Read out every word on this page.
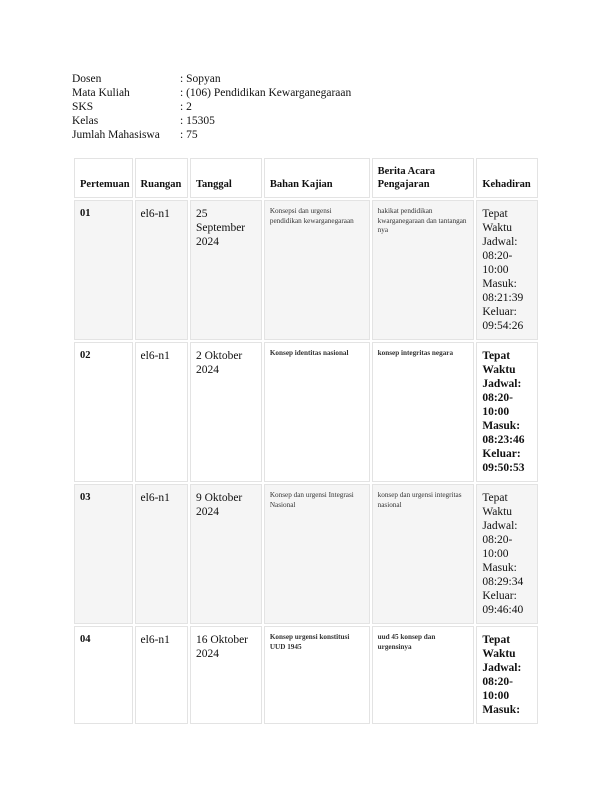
Dosen	: Sopyan
Mata Kuliah	: (106) Pendidikan Kewarganegaraan
SKS	: 2
Kelas	: 15305
Jumlah Mahasiswa	: 75
Pertemuan	Ruangan	Tanggal	Bahan Kajian	Berita Acara Pengajaran	Kehadiran
01	el6-n1	25 September 2024	Konsepsi dan urgensi pendidikan kewarganegaraan	hakikat pendidikan kwarganegaraan dan tantangan nya	Tepat Waktu
Jadwal: 08:20-10:00
Masuk: 08:21:39
Keluar: 09:54:26

02	el6-n1	2 Oktober 2024	Konsep identitas nasional	konsep integritas negara	Tepat Waktu
Jadwal: 08:20-10:00
Masuk: 08:23:46
Keluar: 09:50:53

03	el6-n1	9 Oktober 2024	Konsep dan urgensi Integrasi Nasional	konsep dan urgensi integritas nasional	Tepat Waktu
Jadwal: 08:20-10:00
Masuk: 08:29:34
Keluar: 09:46:40

04	el6-n1	16 Oktober 2024	Konsep urgensi konstitusi UUD 1945	uud 45 konsep dan urgensinya	Tepat Waktu
Jadwal: 08:20-10:00
Masuk:
